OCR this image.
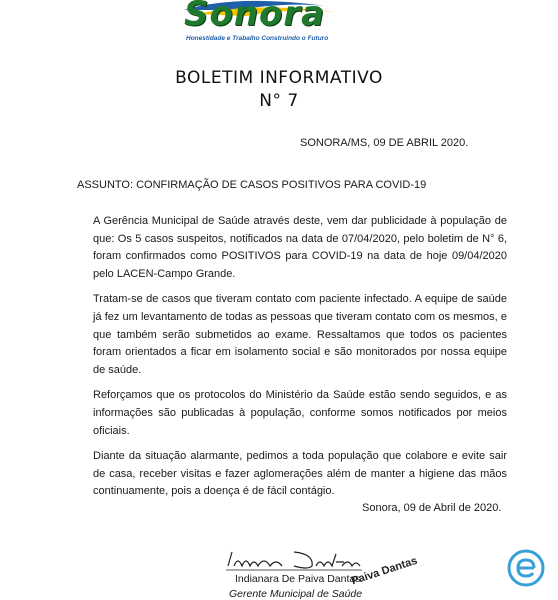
Sonora
Honestidade e Trabalho Construindo o Futuro
BOLETIM INFORMATIVO
N° 7
SONORA/MS, 09 DE ABRIL 2020.
ASSUNTO: CONFIRMAÇÃO DE CASOS POSITIVOS PARA COVID-19

A Gerência Municipal de Saúde através deste, vem dar publicidade à população de que: Os 5 casos suspeitos, notificados na data de 07/04/2020, pelo boletim de N° 6, foram confirmados como POSITIVOS para COVID-19 na data de hoje 09/04/2020 pelo LACEN-Campo Grande.

Tratam-se de casos que tiveram contato com paciente infectado. A equipe de saúde já fez um levantamento de todas as pessoas que tiveram contato com os mesmos, e que também serão submetidos ao exame. Ressaltamos que todos os pacientes foram orientados a ficar em isolamento social e são monitorados por nossa equipe de saúde.

Reforçamos que os protocolos do Ministério da Saúde estão sendo seguidos, e as informações são publicadas à população, conforme somos notificados por meios oficiais.

Diante da situação alarmante, pedimos a toda população que colabore e evite sair de casa, receber visitas e fazer aglomerações além de manter a higiene das mãos continuamente, pois a doença é de fácil contágio.

Sonora, 09 de Abril de 2020.
Indianara De Paiva Dantas
Gerente Municipal de Saúde
Paiva Dantas
